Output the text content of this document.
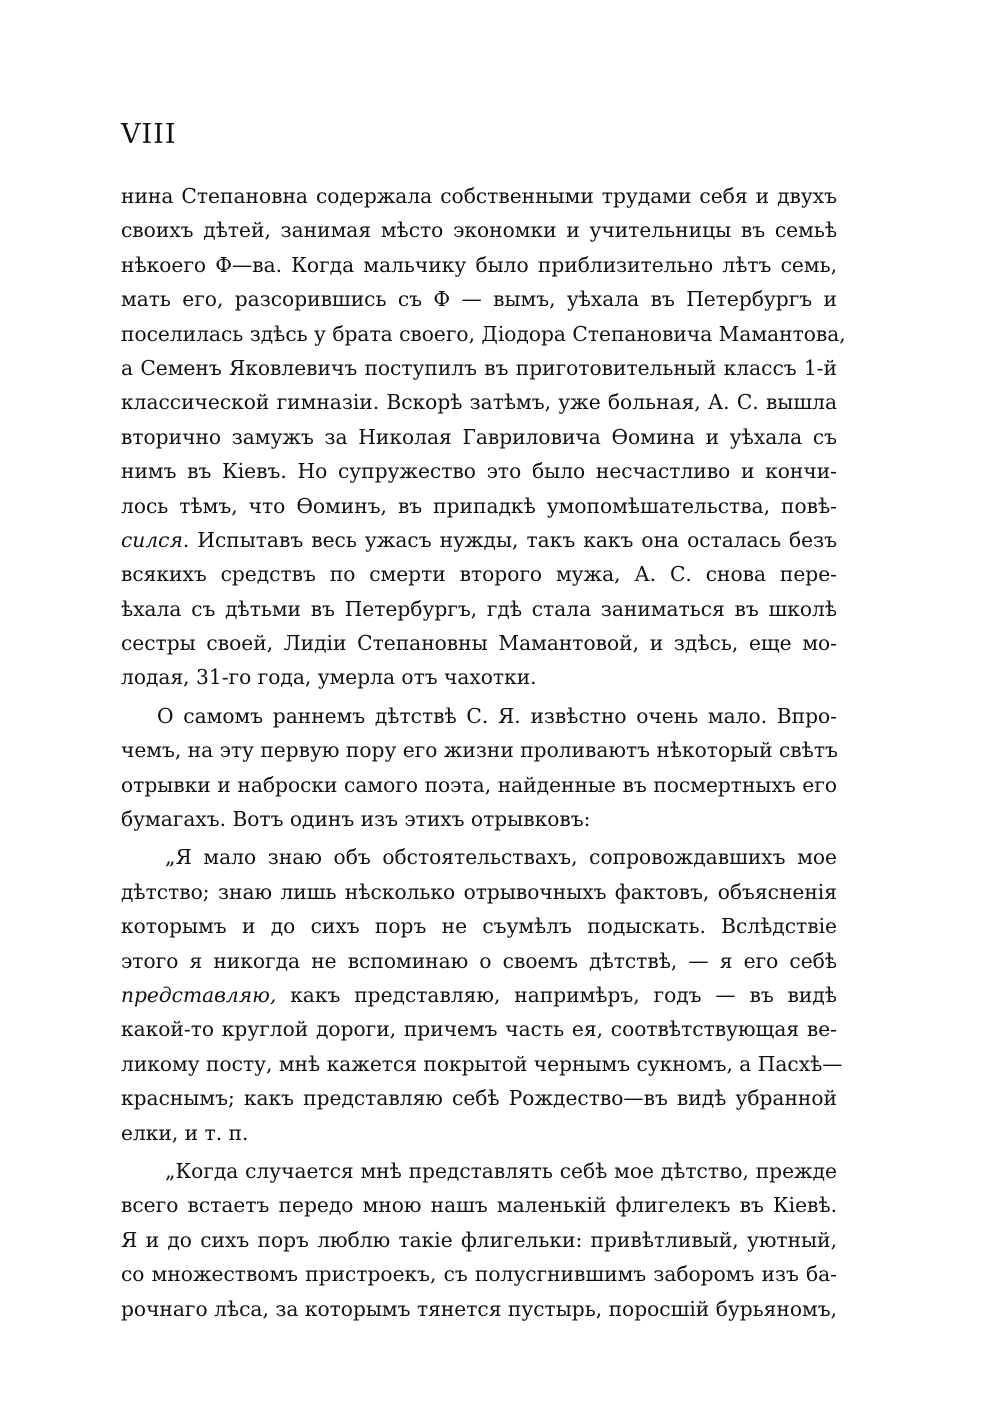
VIII

нина Степановна содержала собственными трудами себя и двухъ

своихъ дѣтей, занимая мѣсто экономки и учительницы въ семьѣ

нѣкоего Ф—ва. Когда мальчику было приблизительно лѣтъ семь,

мать его, разсорившись съ Ф — вымъ, уѣхала въ Петербургъ и

поселилась здѣсь у брата своего, Діодора Степановича Мамантова,

а Семенъ Яковлевичъ поступилъ въ приготовительный классъ 1-й

классической гимназіи. Вскорѣ затѣмъ, уже больная, А. С. вышла

вторично замужъ за Николая Гавриловича Ѳомина и уѣхала съ

нимъ въ Кіевъ. Но супружество это было несчастливо и кончи-

лось тѣмъ, что Ѳоминъ, въ припадкѣ умопомѣшательства, повѣ-

сился. Испытавъ весь ужасъ нужды, такъ какъ она осталась безъ

всякихъ средствъ по смерти второго мужа, А. С. снова пере-

ѣхала съ дѣтьми въ Петербургъ, гдѣ стала заниматься въ школѣ

сестры своей, Лидіи Степановны Мамантовой, и здѣсь, еще мо-

лодая, 31-го года, умерла отъ чахотки.

О самомъ раннемъ дѣтствѣ С. Я. извѣстно очень мало. Впро-

чемъ, на эту первую пору его жизни проливаютъ нѣкоторый свѣтъ

отрывки и наброски самого поэта, найденные въ посмертныхъ его

бумагахъ. Вотъ одинъ изъ этихъ отрывковъ:

„Я мало знаю объ обстоятельствахъ, сопровождавшихъ мое

дѣтство; знаю лишь нѣсколько отрывочныхъ фактовъ, объясненія

которымъ и до сихъ поръ не съумѣлъ подыскать. Вслѣдствіе

этого я никогда не вспоминаю о своемъ дѣтствѣ, — я его себѣ

представляю, какъ представляю, напримѣръ, годъ — въ видѣ

какой-то круглой дороги, причемъ часть ея, соотвѣтствующая ве-

ликому посту, мнѣ кажется покрытой чернымъ сукномъ, а Пасхѣ—

краснымъ; какъ представляю себѣ Рождество—въ видѣ убранной

елки, и т. п.

„Когда случается мнѣ представлять себѣ мое дѣтство, прежде

всего встаетъ передо мною нашъ маленькій флигелекъ въ Кіевѣ.

Я и до сихъ поръ люблю такіе флигельки: привѣтливый, уютный,

со множествомъ пристроекъ, съ полусгнившимъ заборомъ изъ ба-

рочнаго лѣса, за которымъ тянется пустырь, поросшій бурьяномъ,
